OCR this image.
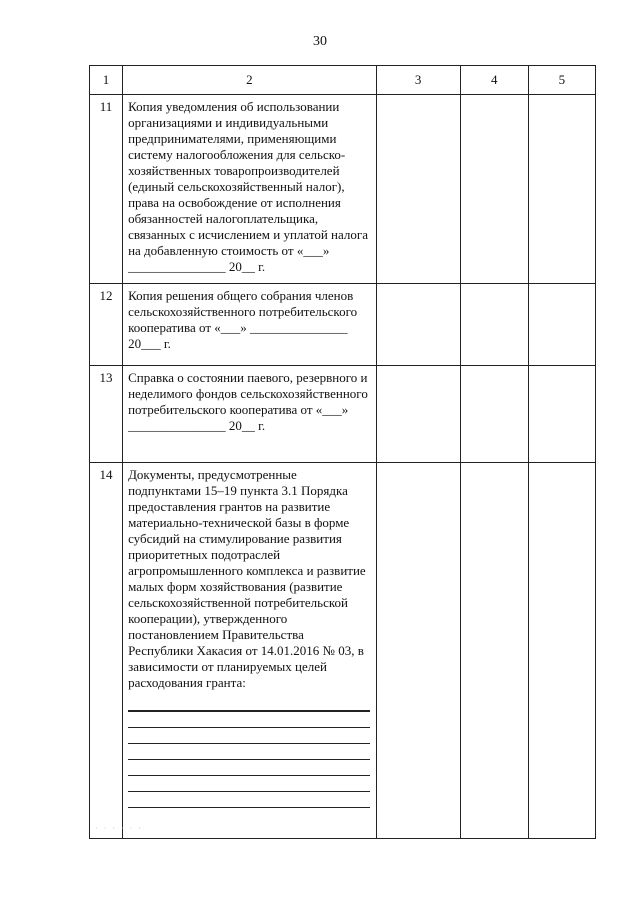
30
1	2	3	4	5
11	Копия уведомления об использовании организациями и индивидуальными предпринимателями, применяющими систему налогообложения для сельско-хозяйственных товаропроизводителей (единый сельскохозяйственный налог), права на освобождение от исполнения обязанностей налогоплательщика, связанных с исчислением и уплатой налога на добавленную стоимость от «___» _______________ 20__ г.			
12	Копия решения общего собрания членов сельскохозяйственного потребительского кооператива от «___» _______________ 20___ г.			
13	Справка о состоянии паевого, резервного и неделимого фондов сельскохозяйственного потребительского кооператива от «___» _______________ 20__ г.			
14	Документы, предусмотренные подпунктами 15–19 пункта 3.1 Порядка предоставления грантов на развитие материально-технической базы в форме субсидий на стимулирование развития приоритетных подотраслей агропромышленного комплекса и развитие малых форм хозяйствования (развитие сельскохозяйственной потребительской кооперации), утвержденного постановлением Правительства Республики Хакасия от 14.01.2016 № 03, в зависимости от планируемых целей расходования гранта:			

· · · · · ·
